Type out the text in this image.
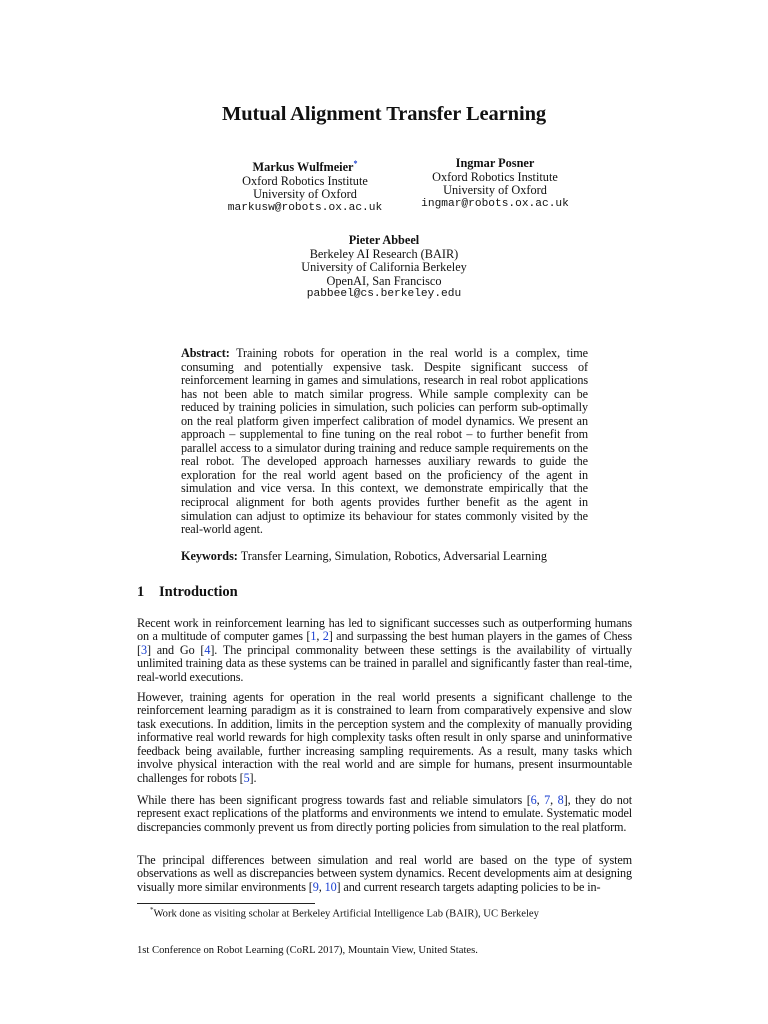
Mutual Alignment Transfer Learning
Markus Wulfmeier*
Oxford Robotics Institute
University of Oxford
markusw@robots.ox.ac.uk
Ingmar Posner
Oxford Robotics Institute
University of Oxford
ingmar@robots.ox.ac.uk
Pieter Abbeel
Berkeley AI Research (BAIR)
University of California Berkeley
OpenAI, San Francisco
pabbeel@cs.berkeley.edu
Abstract: Training robots for operation in the real world is a complex, time consuming and potentially expensive task. Despite significant success of reinforcement learning in games and simulations, research in real robot applications has not been able to match similar progress. While sample complexity can be reduced by training policies in simulation, such policies can perform sub-optimally on the real platform given imperfect calibration of model dynamics. We present an approach – supplemental to fine tuning on the real robot – to further benefit from parallel access to a simulator during training and reduce sample requirements on the real robot. The developed approach harnesses auxiliary rewards to guide the exploration for the real world agent based on the proficiency of the agent in simulation and vice versa. In this context, we demonstrate empirically that the reciprocal alignment for both agents provides further benefit as the agent in simulation can adjust to optimize its behaviour for states commonly visited by the real-world agent.
Keywords: Transfer Learning, Simulation, Robotics, Adversarial Learning
1 Introduction
Recent work in reinforcement learning has led to significant successes such as outperforming humans on a multitude of computer games [1, 2] and surpassing the best human players in the games of Chess [3] and Go [4]. The principal commonality between these settings is the availability of virtually unlimited training data as these systems can be trained in parallel and significantly faster than real-time, real-world executions.
However, training agents for operation in the real world presents a significant challenge to the reinforcement learning paradigm as it is constrained to learn from comparatively expensive and slow task executions. In addition, limits in the perception system and the complexity of manually providing informative real world rewards for high complexity tasks often result in only sparse and uninformative feedback being available, further increasing sampling requirements. As a result, many tasks which involve physical interaction with the real world and are simple for humans, present insurmountable challenges for robots [5].
While there has been significant progress towards fast and reliable simulators [6, 7, 8], they do not represent exact replications of the platforms and environments we intend to emulate. Systematic model discrepancies commonly prevent us from directly porting policies from simulation to the real platform.
The principal differences between simulation and real world are based on the type of system observations as well as discrepancies between system dynamics. Recent developments aim at designing visually more similar environments [9, 10] and current research targets adapting policies to be in-
*Work done as visiting scholar at Berkeley Artificial Intelligence Lab (BAIR), UC Berkeley
1st Conference on Robot Learning (CoRL 2017), Mountain View, United States.
